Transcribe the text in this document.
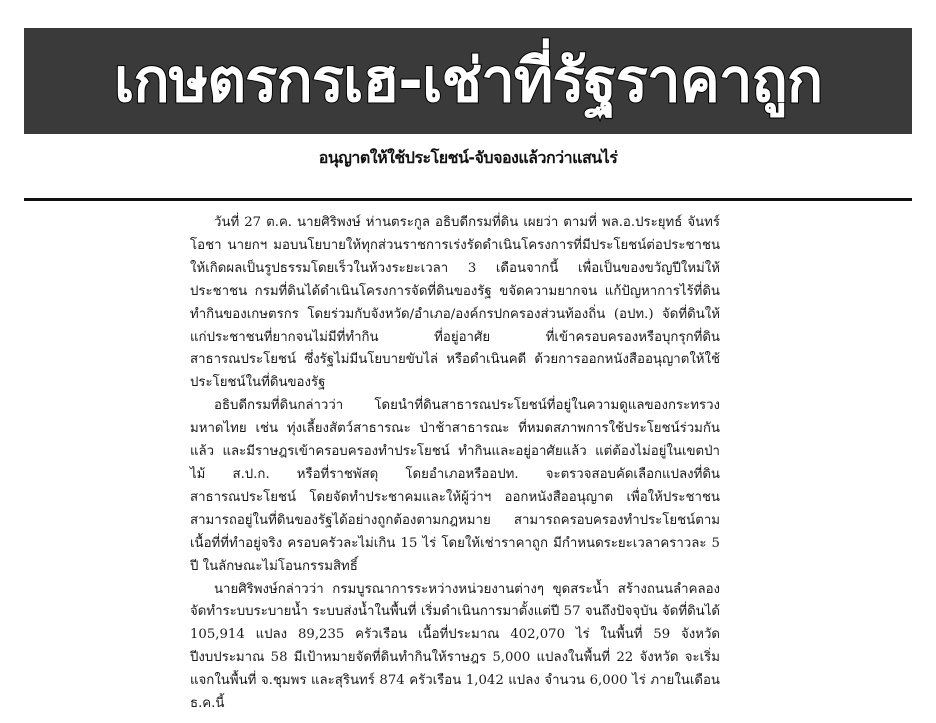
เกษตรกรเฮ-เช่าที่รัฐราคาถูก
อนุญาตให้ใช้ประโยชน์-จับจองแล้วกว่าแสนไร่

วันที่ 27 ต.ค. นายศิริพงษ์ ห่านตระกูล อธิบดีกรมที่ดิน เผยว่า ตามที่ พล.อ.ประยุทธ์ จันทร์โอชา นายกฯ มอบนโยบายให้ทุกส่วนราชการเร่งรัดดำเนินโครงการที่มีประโยชน์ต่อประชาชนให้เกิดผลเป็นรูปธรรมโดยเร็วในห้วงระยะเวลา 3 เดือนจากนี้ เพื่อเป็นของขวัญปีใหม่ให้ประชาชน กรมที่ดินได้ดำเนินโครงการจัดที่ดินของรัฐ ขจัดความยากจน แก้ปัญหาการไร้ที่ดินทำกินของเกษตรกร โดยร่วมกับจังหวัด/อำเภอ/องค์กรปกครองส่วนท้องถิ่น (อปท.) จัดที่ดินให้แก่ประชาชนที่ยากจนไม่มีที่ทำกิน ที่อยู่อาศัย ที่เข้าครอบครองหรือบุกรุกที่ดินสาธารณประโยชน์ ซึ่งรัฐไม่มีนโยบายขับไล่ หรือดำเนินคดี ด้วยการออกหนังสืออนุญาตให้ใช้ประโยชน์ในที่ดินของรัฐ

อธิบดีกรมที่ดินกล่าวว่า โดยนำที่ดินสาธารณประโยชน์ที่อยู่ในความดูแลของกระทรวงมหาดไทย เช่น ทุ่งเลี้ยงสัตว์สาธารณะ ป่าช้าสาธารณะ ที่หมดสภาพการใช้ประโยชน์ร่วมกันแล้ว และมีราษฎรเข้าครอบครองทำประโยชน์ ทำกินและอยู่อาศัยแล้ว แต่ต้องไม่อยู่ในเขตป่าไม้ ส.ป.ก. หรือที่ราชพัสดุ โดยอำเภอหรืออปท. จะตรวจสอบคัดเลือกแปลงที่ดินสาธารณประโยชน์ โดยจัดทำประชาคมและให้ผู้ว่าฯ ออกหนังสืออนุญาต เพื่อให้ประชาชนสามารถอยู่ในที่ดินของรัฐได้อย่างถูกต้องตามกฎหมาย สามารถครอบครองทำประโยชน์ตามเนื้อที่ที่ทำอยู่จริง ครอบครัวละไม่เกิน 15 ไร่ โดยให้เช่าราคาถูก มีกำหนดระยะเวลาคราวละ 5 ปี ในลักษณะไม่โอนกรรมสิทธิ์

นายศิริพงษ์กล่าวว่า กรมบูรณาการระหว่างหน่วยงานต่างๆ ขุดสระน้ำ สร้างถนนลำคลอง จัดทำระบบระบายน้ำ ระบบส่งน้ำในพื้นที่ เริ่มดำเนินการมาตั้งแต่ปี 57 จนถึงปัจจุบัน จัดที่ดินได้ 105,914 แปลง 89,235 ครัวเรือน เนื้อที่ประมาณ 402,070 ไร่ ในพื้นที่ 59 จังหวัด ปีงบประมาณ 58 มีเป้าหมายจัดที่ดินทำกินให้ราษฎร 5,000 แปลงในพื้นที่ 22 จังหวัด จะเริ่มแจกในพื้นที่ จ.ชุมพร และสุรินทร์ 874 ครัวเรือน 1,042 แปลง จำนวน 6,000 ไร่ ภายในเดือนธ.ค.นี้
